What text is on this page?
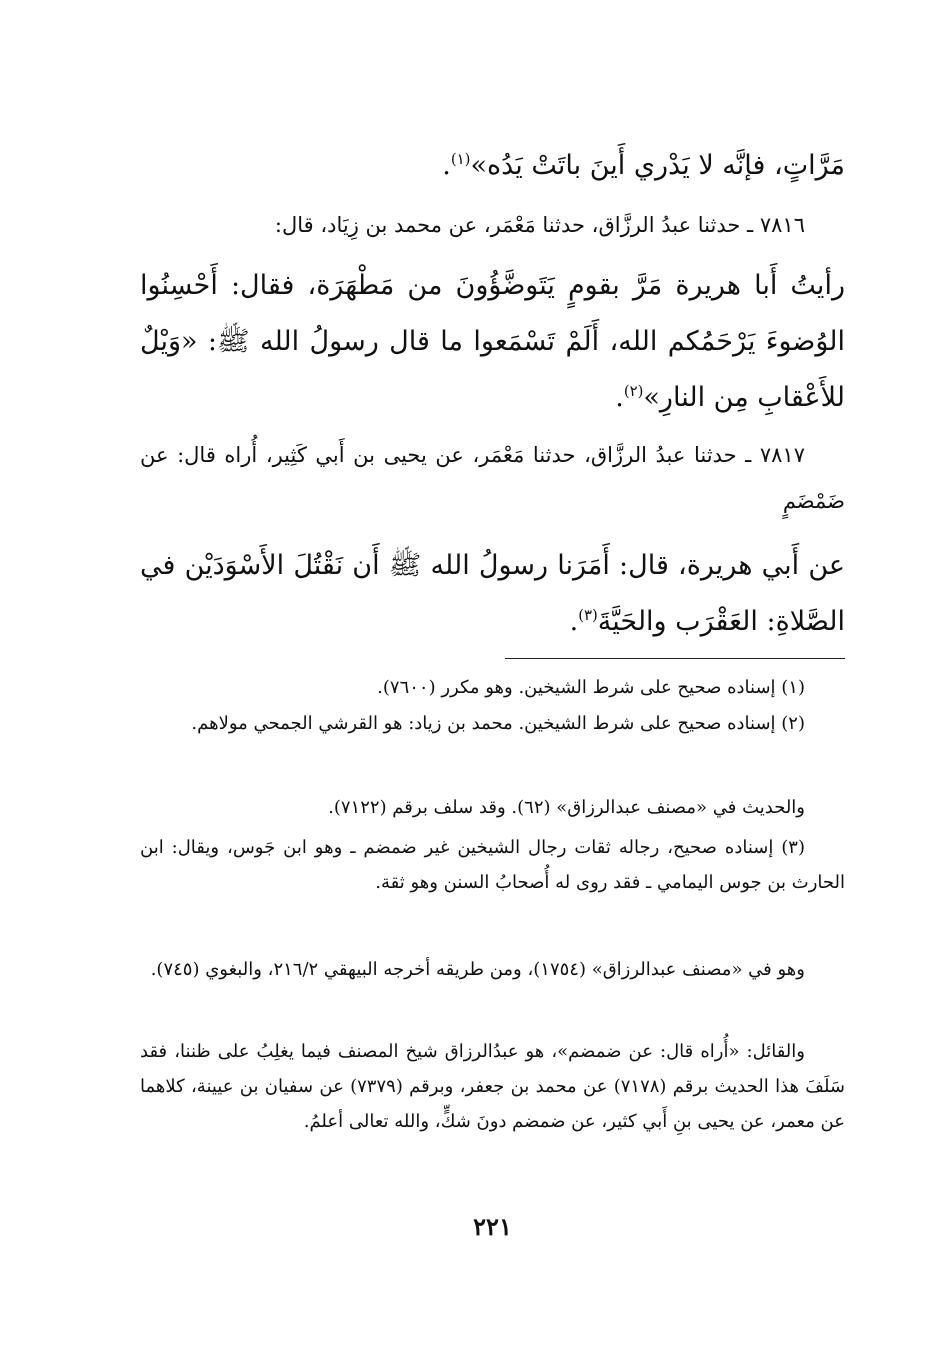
مَرَّاتٍ، فإنَّه لا يَدْري أَينَ باتَتْ يَدُه»$^{(١)}$.
٧٨١٦ ـ حدثنا عبدُ الرزَّاق، حدثنا مَعْمَر، عن محمد بن زِيَاد، قال:
رأيتُ أَبا هريرة مَرَّ بقومٍ يَتَوضَّؤُونَ من مَطْهَرَة، فقال: أَحْسِنُوا الوُضوءَ يَرْحَمُكم الله، أَلَمْ تَسْمَعوا ما قال رسولُ الله ﷺ: «وَيْلٌ للأَعْقابِ مِن النارِ»$^{(٢)}$.
٧٨١٧ ـ حدثنا عبدُ الرزَّاق، حدثنا مَعْمَر، عن يحيى بن أَبي كَثِير، أُراه قال: عن ضَمْضَمٍ
عن أَبي هريرة، قال: أَمَرَنا رسولُ الله ﷺ أَن نَقْتُلَ الأَسْوَدَيْن في الصَّلاةِ: العَقْرَب والحَيَّةَ$^{(٣)}$.
(١) إسناده صحيح على شرط الشيخين. وهو مكرر (٧٦٠٠).
(٢) إسناده صحيح على شرط الشيخين. محمد بن زياد: هو القرشي الجمحي مولاهم.
والحديث في «مصنف عبدالرزاق» (٦٢). وقد سلف برقم (٧١٢٢).
(٣) إسناده صحيح، رجاله ثقات رجال الشيخين غير ضمضم ـ وهو ابن جَوس، ويقال: ابن الحارث بن جوس اليمامي ـ فقد روى له أُصحابُ السنن وهو ثقة.
وهو في «مصنف عبدالرزاق» (١٧٥٤)، ومن طريقه أخرجه البيهقي ٢١٦/٢، والبغوي (٧٤٥).
والقائل: «أُراه قال: عن ضمضم»، هو عبدُالرزاق شيخ المصنف فيما يغلِبُ على ظننا، فقد سَلَفَ هذا الحديث برقم (٧١٧٨) عن محمد بن جعفر، وبرقم (٧٣٧٩) عن سفيان بن عيينة، كلاهما عن معمر، عن يحيى بنِ أَبي كثير، عن ضمضم دونَ شكٍّ، والله تعالى أعلمُ.
٢٢١
